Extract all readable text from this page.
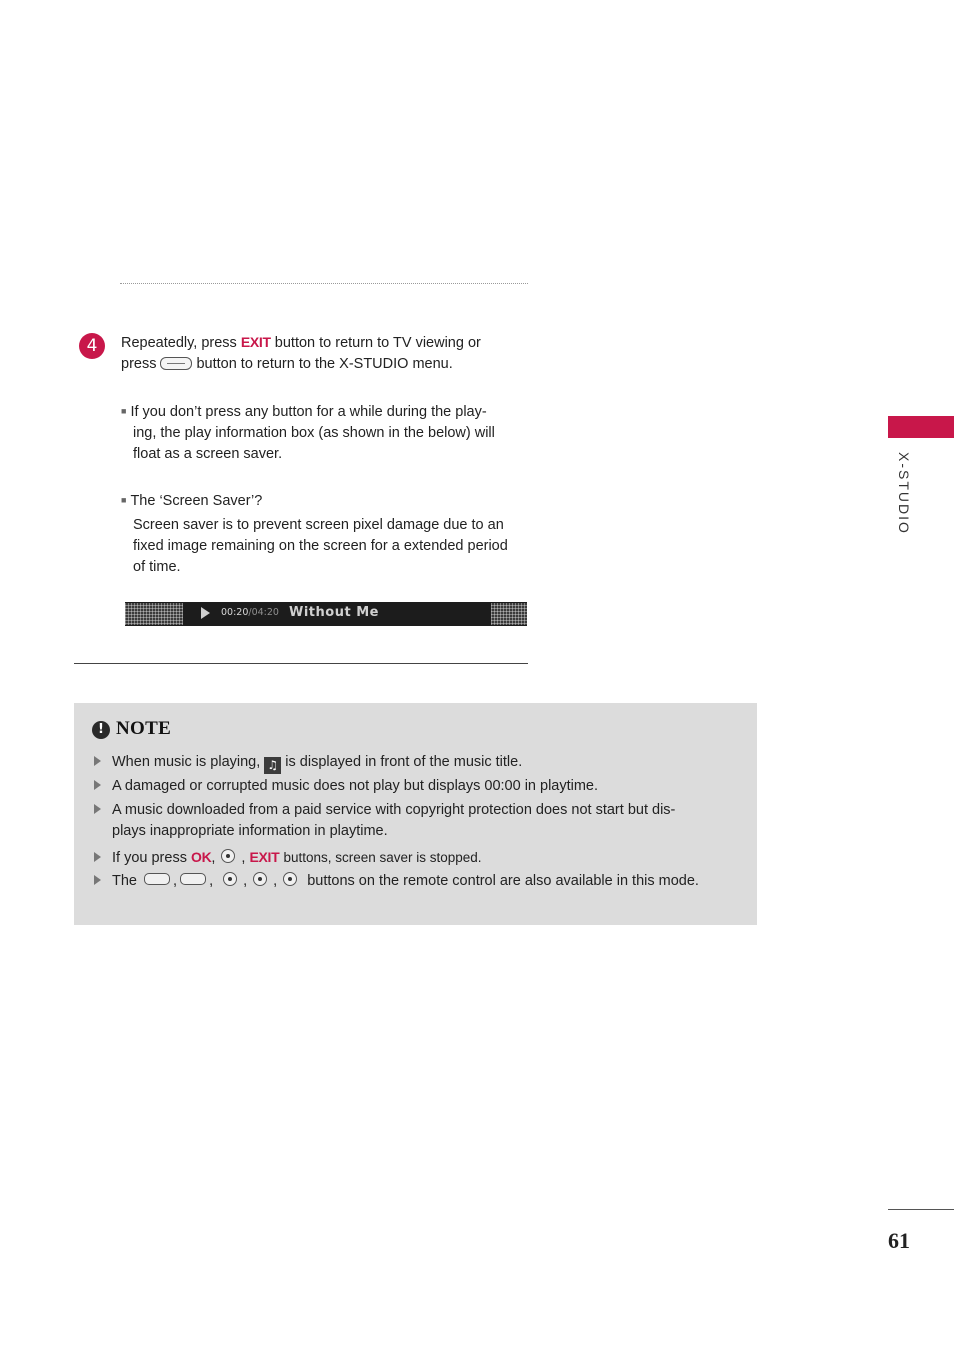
4	Repeatedly, press EXIT button to return to TV viewing or
press	button to return to the X-STUDIO menu.
■ If you don’t press any button for a while during the play-
ing, the play information box (as shown in the below) will
float as a screen saver.
■ The ‘Screen Saver’?
Screen saver is to prevent screen pixel damage due to an
fixed image remaining on the screen for a extended period
of time.
00:20/04:20 Without Me
! NOTE
When music is playing, ♫ is displayed in front of the music title.
A damaged or corrupted music does not play but displays 00:00 in playtime.
A music downloaded from a paid service with copyright protection does not start but dis-
plays inappropriate information in playtime.
If you press OK, , EXIT buttons, screen saver is stopped.
The , , , , buttons on the remote control are also available in this mode.
X-STUDIO
61
